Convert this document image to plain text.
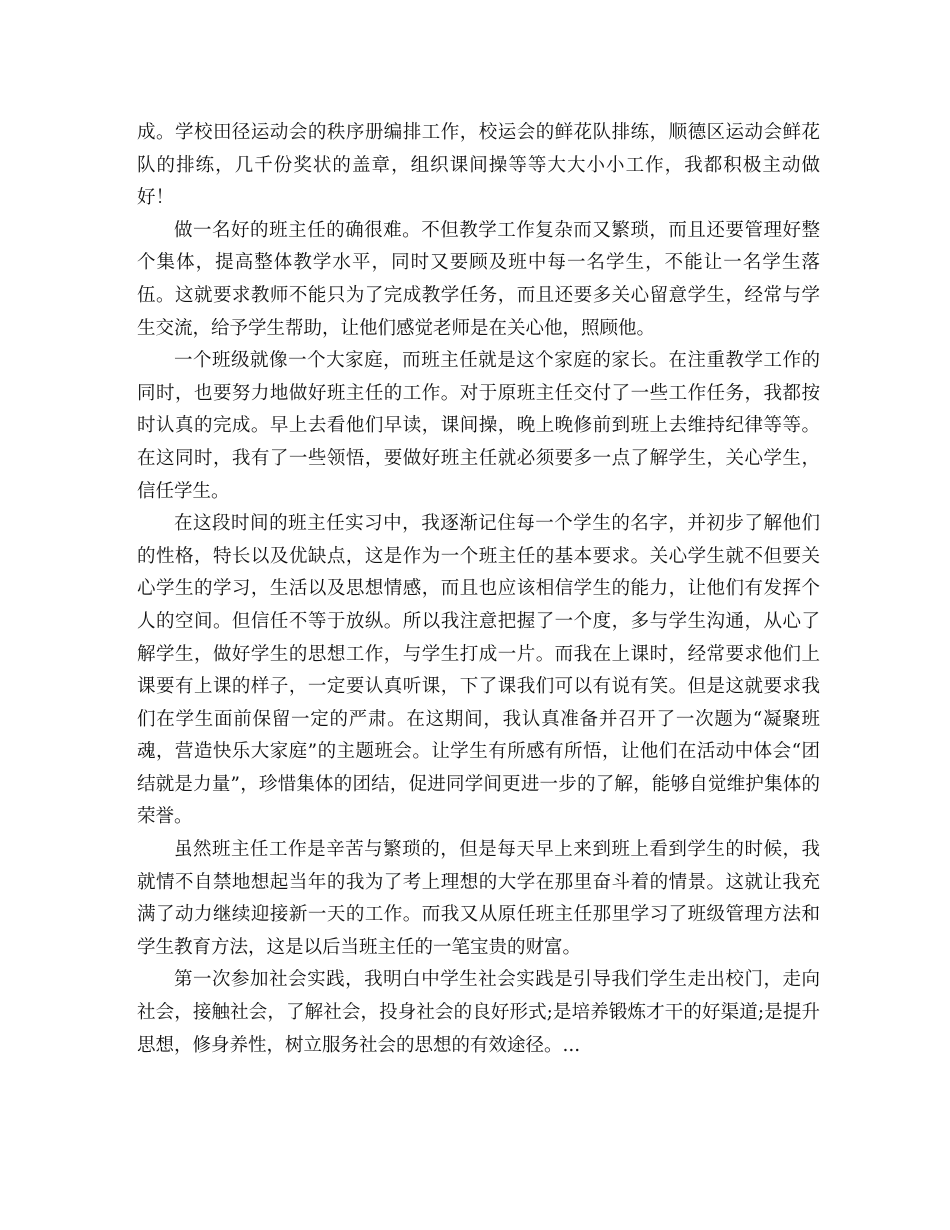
成。学校田径运动会的秩序册编排工作，校运会的鲜花队排练，顺德区运动会鲜花队的排练，几千份奖状的盖章，组织课间操等等大大小小工作，我都积极主动做好！

做一名好的班主任的确很难。不但教学工作复杂而又繁琐，而且还要管理好整个集体，提高整体教学水平，同时又要顾及班中每一名学生，不能让一名学生落伍。这就要求教师不能只为了完成教学任务，而且还要多关心留意学生，经常与学生交流，给予学生帮助，让他们感觉老师是在关心他，照顾他。

一个班级就像一个大家庭，而班主任就是这个家庭的家长。在注重教学工作的同时，也要努力地做好班主任的工作。对于原班主任交付了一些工作任务，我都按时认真的完成。早上去看他们早读，课间操，晚上晚修前到班上去维持纪律等等。在这同时，我有了一些领悟，要做好班主任就必须要多一点了解学生，关心学生，信任学生。

在这段时间的班主任实习中，我逐渐记住每一个学生的名字，并初步了解他们的性格，特长以及优缺点，这是作为一个班主任的基本要求。关心学生就不但要关心学生的学习，生活以及思想情感，而且也应该相信学生的能力，让他们有发挥个人的空间。但信任不等于放纵。所以我注意把握了一个度，多与学生沟通，从心了解学生，做好学生的思想工作，与学生打成一片。而我在上课时，经常要求他们上课要有上课的样子，一定要认真听课，下了课我们可以有说有笑。但是这就要求我们在学生面前保留一定的严肃。在这期间，我认真准备并召开了一次题为“凝聚班魂，营造快乐大家庭”的主题班会。让学生有所感有所悟，让他们在活动中体会“团结就是力量”，珍惜集体的团结，促进同学间更进一步的了解，能够自觉维护集体的荣誉。

虽然班主任工作是辛苦与繁琐的，但是每天早上来到班上看到学生的时候，我就情不自禁地想起当年的我为了考上理想的大学在那里奋斗着的情景。这就让我充满了动力继续迎接新一天的工作。而我又从原任班主任那里学习了班级管理方法和学生教育方法，这是以后当班主任的一笔宝贵的财富。

第一次参加社会实践，我明白中学生社会实践是引导我们学生走出校门，走向社会，接触社会，了解社会，投身社会的良好形式;是培养锻炼才干的好渠道;是提升思想，修身养性，树立服务社会的思想的有效途径。...
